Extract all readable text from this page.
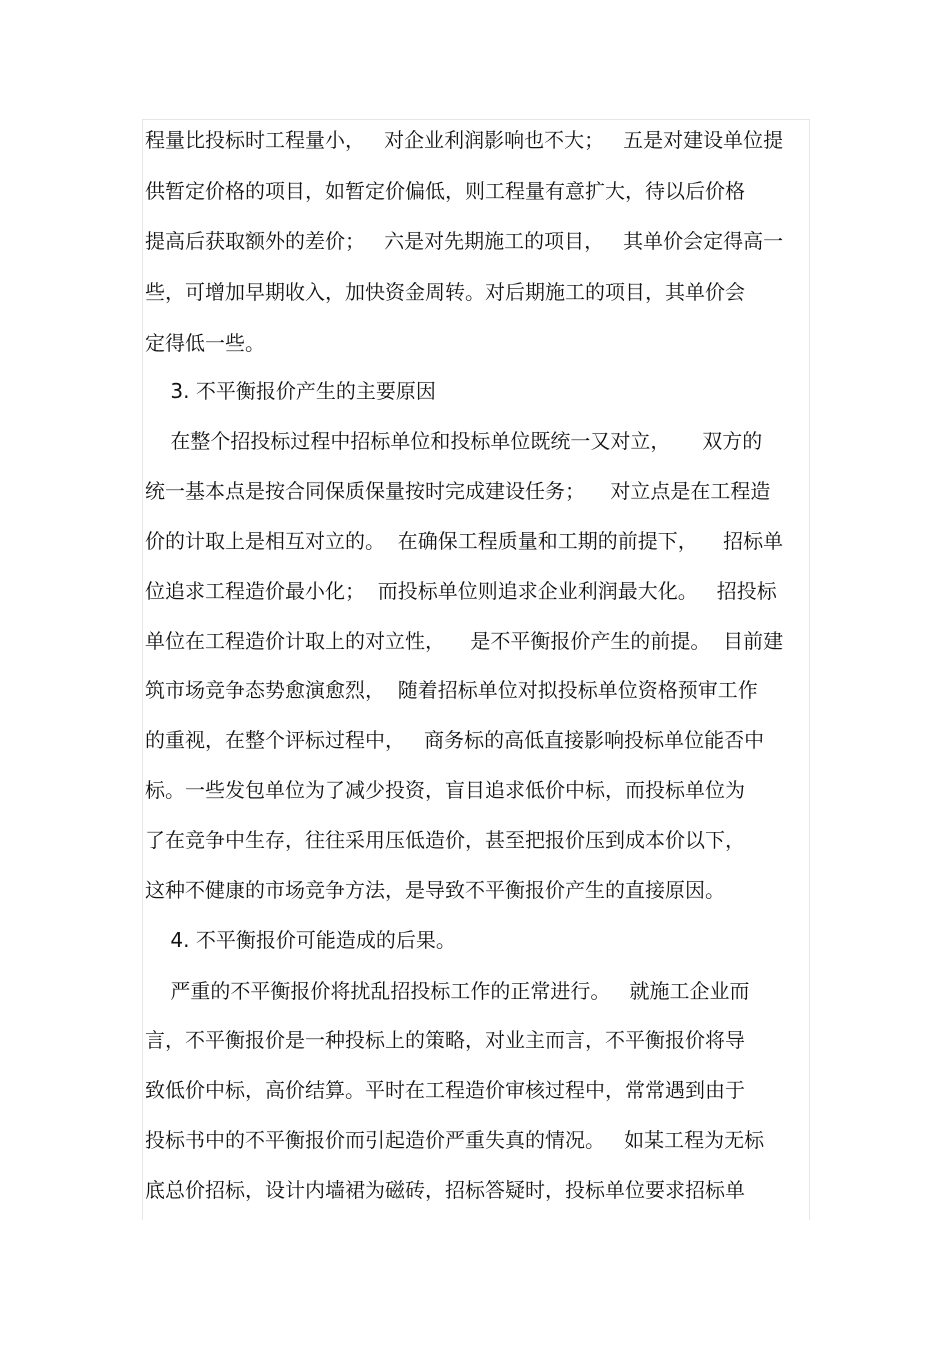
程量比投标时工程量小，   对企业利润影响也不大；   五是对建设单位提
供暂定价格的项目，如暂定价偏低，则工程量有意扩大，待以后价格
提高后获取额外的差价；   六是对先期施工的项目，   其单价会定得高一
些，可增加早期收入，加快资金周转。对后期施工的项目，其单价会
定得低一些。
3. 不平衡报价产生的主要原因
在整个招投标过程中招标单位和投标单位既统一又对立，     双方的
统一基本点是按合同保质保量按时完成建设任务；    对立点是在工程造
价的计取上是相互对立的。  在确保工程质量和工期的前提下，    招标单
位追求工程造价最小化；  而投标单位则追求企业利润最大化。   招投标
单位在工程造价计取上的对立性，    是不平衡报价产生的前提。  目前建
筑市场竞争态势愈演愈烈，  随着招标单位对拟投标单位资格预审工作
的重视，在整个评标过程中，   商务标的高低直接影响投标单位能否中
标。一些发包单位为了减少投资，盲目追求低价中标，而投标单位为
了在竞争中生存，往往采用压低造价，甚至把报价压到成本价以下，
这种不健康的市场竞争方法，是导致不平衡报价产生的直接原因。
4. 不平衡报价可能造成的后果。
严重的不平衡报价将扰乱招投标工作的正常进行。   就施工企业而
言，不平衡报价是一种投标上的策略，对业主而言，不平衡报价将导
致低价中标，高价结算。平时在工程造价审核过程中，常常遇到由于
投标书中的不平衡报价而引起造价严重失真的情况。   如某工程为无标
底总价招标，设计内墙裙为磁砖，招标答疑时，投标单位要求招标单
